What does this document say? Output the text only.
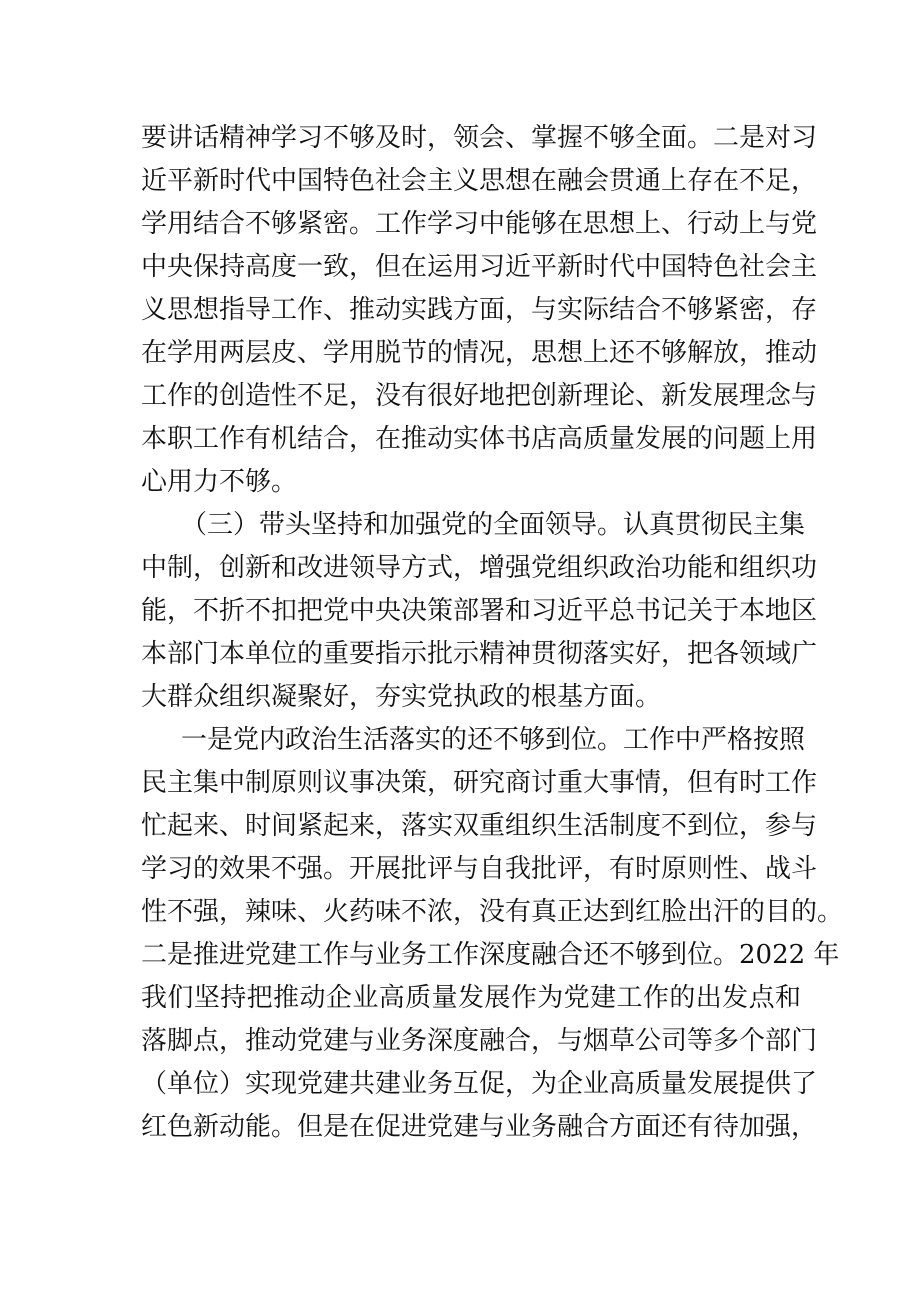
要讲话精神学习不够及时，领会、掌握不够全面。二是对习
近平新时代中国特色社会主义思想在融会贯通上存在不足，
学用结合不够紧密。工作学习中能够在思想上、行动上与党
中央保持高度一致，但在运用习近平新时代中国特色社会主
义思想指导工作、推动实践方面，与实际结合不够紧密，存
在学用两层皮、学用脱节的情况，思想上还不够解放，推动
工作的创造性不足，没有很好地把创新理论、新发展理念与
本职工作有机结合，在推动实体书店高质量发展的问题上用
心用力不够。
（三）带头坚持和加强党的全面领导。认真贯彻民主集
中制，创新和改进领导方式，增强党组织政治功能和组织功
能，不折不扣把党中央决策部署和习近平总书记关于本地区
本部门本单位的重要指示批示精神贯彻落实好，把各领域广
大群众组织凝聚好，夯实党执政的根基方面。
一是党内政治生活落实的还不够到位。工作中严格按照
民主集中制原则议事决策，研究商讨重大事情，但有时工作
忙起来、时间紧起来，落实双重组织生活制度不到位，参与
学习的效果不强。开展批评与自我批评，有时原则性、战斗
性不强，辣味、火药味不浓，没有真正达到红脸出汗的目的。
二是推进党建工作与业务工作深度融合还不够到位。2022 年
我们坚持把推动企业高质量发展作为党建工作的出发点和
落脚点，推动党建与业务深度融合，与烟草公司等多个部门
（单位）实现党建共建业务互促，为企业高质量发展提供了
红色新动能。但是在促进党建与业务融合方面还有待加强，
